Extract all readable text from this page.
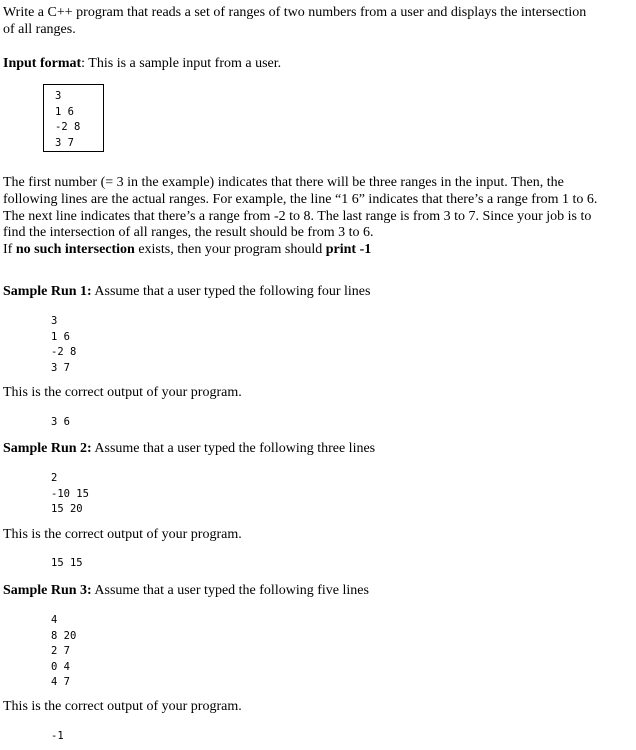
Write a C++ program that reads a set of ranges of two numbers from a user and displays the intersection
of all ranges.
Input format: This is a sample input from a user.
3
1 6
-2 8
3 7
The first number (= 3 in the example) indicates that there will be three ranges in the input. Then, the
following lines are the actual ranges. For example, the line “1 6” indicates that there’s a range from 1 to 6.
The next line indicates that there’s a range from -2 to 8. The last range is from 3 to 7. Since your job is to
find the intersection of all ranges, the result should be from 3 to 6.
If no such intersection exists, then your program should print -1
Sample Run 1: Assume that a user typed the following four lines
3
1 6
-2 8
3 7
This is the correct output of your program.
3 6
Sample Run 2: Assume that a user typed the following three lines
2
-10 15
15 20
This is the correct output of your program.
15 15
Sample Run 3: Assume that a user typed the following five lines
4
8 20
2 7
0 4
4 7
This is the correct output of your program.
-1
